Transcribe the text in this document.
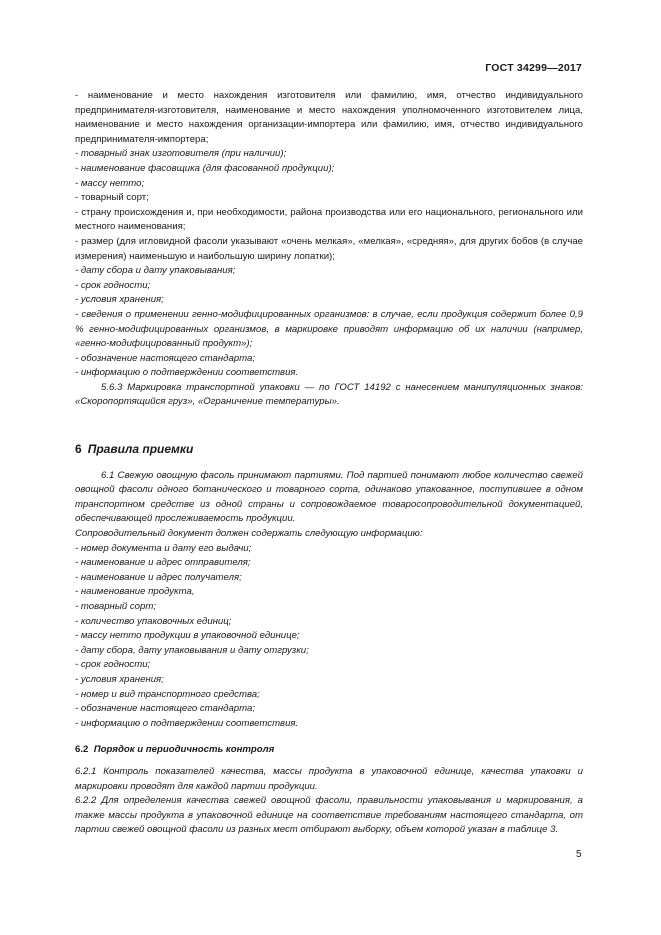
ГОСТ 34299—2017

- наименование и место нахождения изготовителя или фамилию, имя, отчество индивидуального предпринимателя-изготовителя, наименование и место нахождения уполномоченного изготовителем лица, наименование и место нахождения организации-импортера или фамилию, имя, отчество индивидуального предпринимателя-импортера;

- товарный знак изготовителя (при наличии);

- наименование фасовщика (для фасованной продукции);

- массу нетто;

- товарный сорт;

- страну происхождения и, при необходимости, района производства или его национального, регионального или местного наименования;

- размер (для игловидной фасоли указывают «очень мелкая», «мелкая», «средняя», для других бобов (в случае измерения) наименьшую и наибольшую ширину лопатки);

- дату сбора и дату упаковывания;

- срок годности;

- условия хранения;

- сведения о применении генно-модифицированных организмов: в случае, если продукция содержит более 0,9 % генно-модифицированных организмов, в маркировке приводят информацию об их наличии (например, «генно-модифицированный продукт»);

- обозначение настоящего стандарта;

- информацию о подтверждении соответствия.

5.6.3 Маркировка транспортной упаковки — по ГОСТ 14192 с нанесением манипуляционных знаков: «Скоропортящийся груз», «Ограничение температуры».

6 Правила приемки

6.1 Свежую овощную фасоль принимают партиями. Под партией понимают любое количество свежей овощной фасоли одного ботанического и товарного сорта, одинаково упакованное, поступившее в одном транспортном средстве из одной страны и сопровождаемое товаросопроводительной документацией, обеспечивающей прослеживаемость продукции.

Сопроводительный документ должен содержать следующую информацию:

- номер документа и дату его выдачи;

- наименование и адрес отправителя;

- наименование и адрес получателя;

- наименование продукта,

- товарный сорт;

- количество упаковочных единиц;

- массу нетто продукции в упаковочной единице;

- дату сбора, дату упаковывания и дату отгрузки;

- срок годности;

- условия хранения;

- номер и вид транспортного средства;

- обозначение настоящего стандарта;

- информацию о подтверждении соответствия.

6.2 Порядок и периодичность контроля

6.2.1 Контроль показателей качества, массы продукта в упаковочной единице, качества упаковки и маркировки проводят для каждой партии продукции.

6.2.2 Для определения качества свежей овощной фасоли, правильности упаковывания и маркирования, а также массы продукта в упаковочной единице на соответствие требованиям настоящего стандарта, от партии свежей овощной фасоли из разных мест отбирают выборку, объем которой указан в таблице 3.

5
